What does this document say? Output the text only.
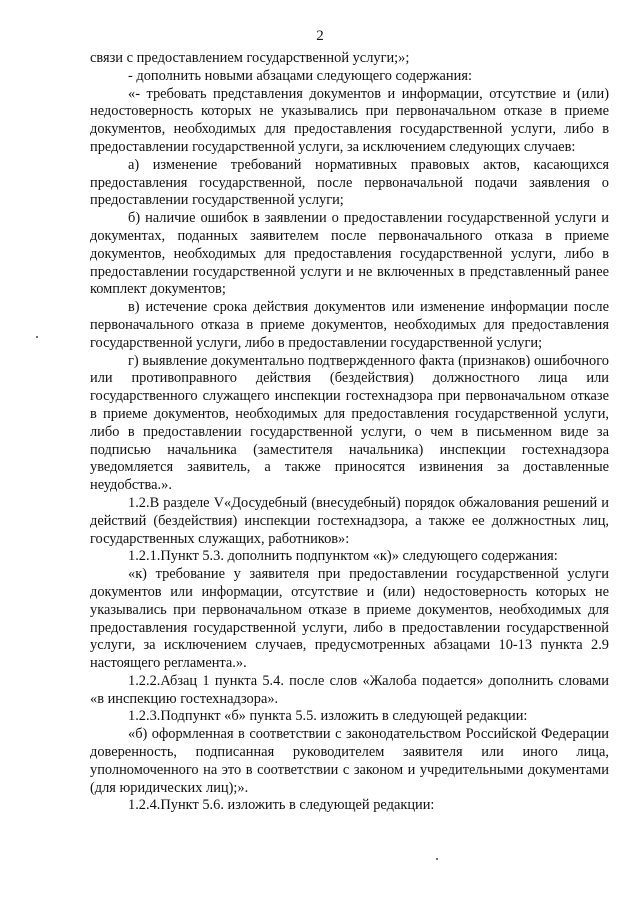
2

связи с предоставлением государственной услуги;»;

- дополнить новыми абзацами следующего содержания:

«- требовать представления документов и информации, отсутствие и (или) недостоверность которых не указывались при первоначальном отказе в приеме документов, необходимых для предоставления государственной услуги, либо в предоставлении государственной услуги, за исключением следующих случаев:

а) изменение требований нормативных правовых актов, касающихся предоставления государственной, после первоначальной подачи заявления о предоставлении государственной услуги;

б) наличие ошибок в заявлении о предоставлении государственной услуги и документах, поданных заявителем после первоначального отказа в приеме документов, необходимых для предоставления государственной услуги, либо в предоставлении государственной услуги и не включенных в представленный ранее комплект документов;

в) истечение срока действия документов или изменение информации после первоначального отказа в приеме документов, необходимых для предоставления государственной услуги, либо в предоставлении государственной услуги;

г) выявление документально подтвержденного факта (признаков) ошибочного или противоправного действия (бездействия) должностного лица или государственного служащего инспекции гостехнадзора при первоначальном отказе в приеме документов, необходимых для предоставления государственной услуги, либо в предоставлении государственной услуги, о чем в письменном виде за подписью начальника (заместителя начальника) инспекции гостехнадзора уведомляется заявитель, а также приносятся извинения за доставленные неудобства.».

1.2.В разделе V«Досудебный (внесудебный) порядок обжалования решений и действий (бездействия) инспекции гостехнадзора, а также ее должностных лиц, государственных служащих, работников»:

1.2.1.Пункт 5.3. дополнить подпунктом «к)» следующего содержания:

«к) требование у заявителя при предоставлении государственной услуги документов или информации, отсутствие и (или) недостоверность которых не указывались при первоначальном отказе в приеме документов, необходимых для предоставления государственной услуги, либо в предоставлении государственной услуги, за исключением случаев, предусмотренных абзацами 10-13 пункта 2.9 настоящего регламента.».

1.2.2.Абзац 1 пункта 5.4. после слов «Жалоба подается» дополнить словами «в инспекцию гостехнадзора».

1.2.3.Подпункт «б» пункта 5.5. изложить в следующей редакции:

«б) оформленная в соответствии с законодательством Российской Федерации доверенность, подписанная руководителем заявителя или иного лица, уполномоченного на это в соответствии с законом и учредительными документами (для юридических лиц);».

1.2.4.Пункт 5.6. изложить в следующей редакции:
